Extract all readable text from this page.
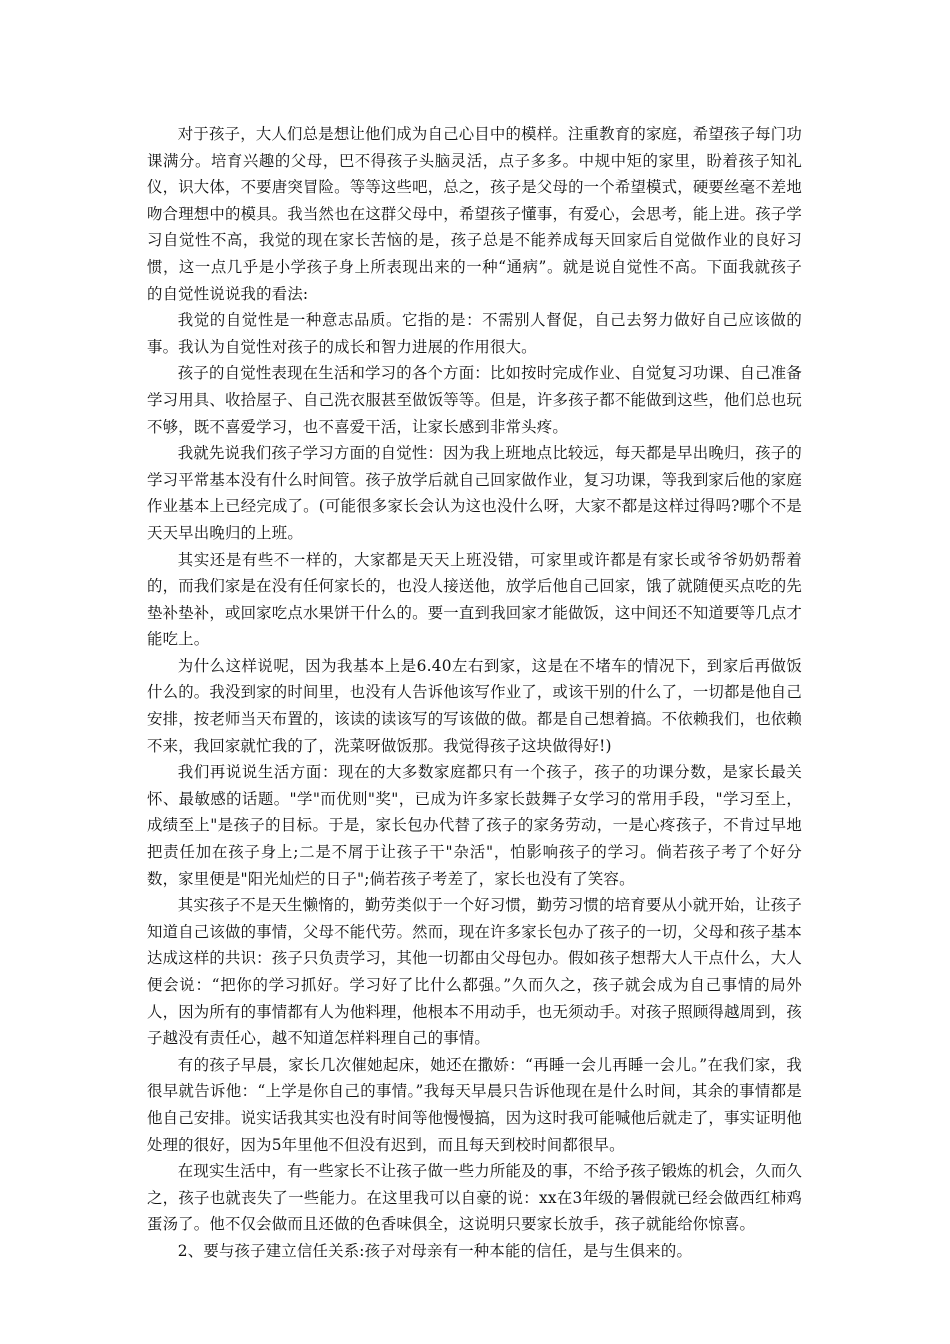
对于孩子，大人们总是想让他们成为自己心目中的模样。注重教育的家庭，希望孩子每门功课满分。培育兴趣的父母，巴不得孩子头脑灵活，点子多多。中规中矩的家里，盼着孩子知礼仪，识大体，不要唐突冒险。等等这些吧，总之，孩子是父母的一个希望模式，硬要丝毫不差地吻合理想中的模具。我当然也在这群父母中，希望孩子懂事，有爱心，会思考，能上进。孩子学习自觉性不高，我觉的现在家长苦恼的是，孩子总是不能养成每天回家后自觉做作业的良好习惯，这一点几乎是小学孩子身上所表现出来的一种“通病”。就是说自觉性不高。下面我就孩子的自觉性说说我的看法:

我觉的自觉性是一种意志品质。它指的是：不需别人督促，自己去努力做好自己应该做的事。我认为自觉性对孩子的成长和智力进展的作用很大。

孩子的自觉性表现在生活和学习的各个方面：比如按时完成作业、自觉复习功课、自己准备学习用具、收拾屋子、自己洗衣服甚至做饭等等。但是，许多孩子都不能做到这些，他们总也玩不够，既不喜爱学习，也不喜爱干活，让家长感到非常头疼。

我就先说我们孩子学习方面的自觉性：因为我上班地点比较远，每天都是早出晚归，孩子的学习平常基本没有什么时间管。孩子放学后就自己回家做作业，复习功课，等我到家后他的家庭作业基本上已经完成了。(可能很多家长会认为这也没什么呀，大家不都是这样过得吗?哪个不是天天早出晚归的上班。

其实还是有些不一样的，大家都是天天上班没错，可家里或许都是有家长或爷爷奶奶帮着的，而我们家是在没有任何家长的，也没人接送他，放学后他自己回家，饿了就随便买点吃的先垫补垫补，或回家吃点水果饼干什么的。要一直到我回家才能做饭，这中间还不知道要等几点才能吃上。

为什么这样说呢，因为我基本上是6.40左右到家，这是在不堵车的情况下，到家后再做饭什么的。我没到家的时间里，也没有人告诉他该写作业了，或该干别的什么了，一切都是他自己安排，按老师当天布置的，该读的读该写的写该做的做。都是自己想着搞。不依赖我们，也依赖不来，我回家就忙我的了，洗菜呀做饭那。我觉得孩子这块做得好!)

我们再说说生活方面：现在的大多数家庭都只有一个孩子，孩子的功课分数，是家长最关怀、最敏感的话题。"学"而优则"奖"，已成为许多家长鼓舞子女学习的常用手段，"学习至上，成绩至上"是孩子的目标。于是，家长包办代替了孩子的家务劳动，一是心疼孩子，不肯过早地把责任加在孩子身上;二是不屑于让孩子干"杂活"，怕影响孩子的学习。倘若孩子考了个好分数，家里便是"阳光灿烂的日子";倘若孩子考差了，家长也没有了笑容。

其实孩子不是天生懒惰的，勤劳类似于一个好习惯，勤劳习惯的培育要从小就开始，让孩子知道自己该做的事情，父母不能代劳。然而，现在许多家长包办了孩子的一切，父母和孩子基本达成这样的共识：孩子只负责学习，其他一切都由父母包办。假如孩子想帮大人干点什么，大人便会说：“把你的学习抓好。学习好了比什么都强。”久而久之，孩子就会成为自己事情的局外人，因为所有的事情都有人为他料理，他根本不用动手，也无须动手。对孩子照顾得越周到，孩子越没有责任心，越不知道怎样料理自己的事情。

有的孩子早晨，家长几次催她起床，她还在撒娇：“再睡一会儿再睡一会儿。”在我们家，我很早就告诉他：“上学是你自己的事情。”我每天早晨只告诉他现在是什么时间，其余的事情都是他自己安排。说实话我其实也没有时间等他慢慢搞，因为这时我可能喊他后就走了，事实证明他处理的很好，因为5年里他不但没有迟到，而且每天到校时间都很早。

在现实生活中，有一些家长不让孩子做一些力所能及的事，不给予孩子锻炼的机会，久而久之，孩子也就丧失了一些能力。在这里我可以自豪的说：xx在3年级的暑假就已经会做西红柿鸡蛋汤了。他不仅会做而且还做的色香味俱全，这说明只要家长放手，孩子就能给你惊喜。

2、要与孩子建立信任关系:孩子对母亲有一种本能的信任，是与生俱来的。
